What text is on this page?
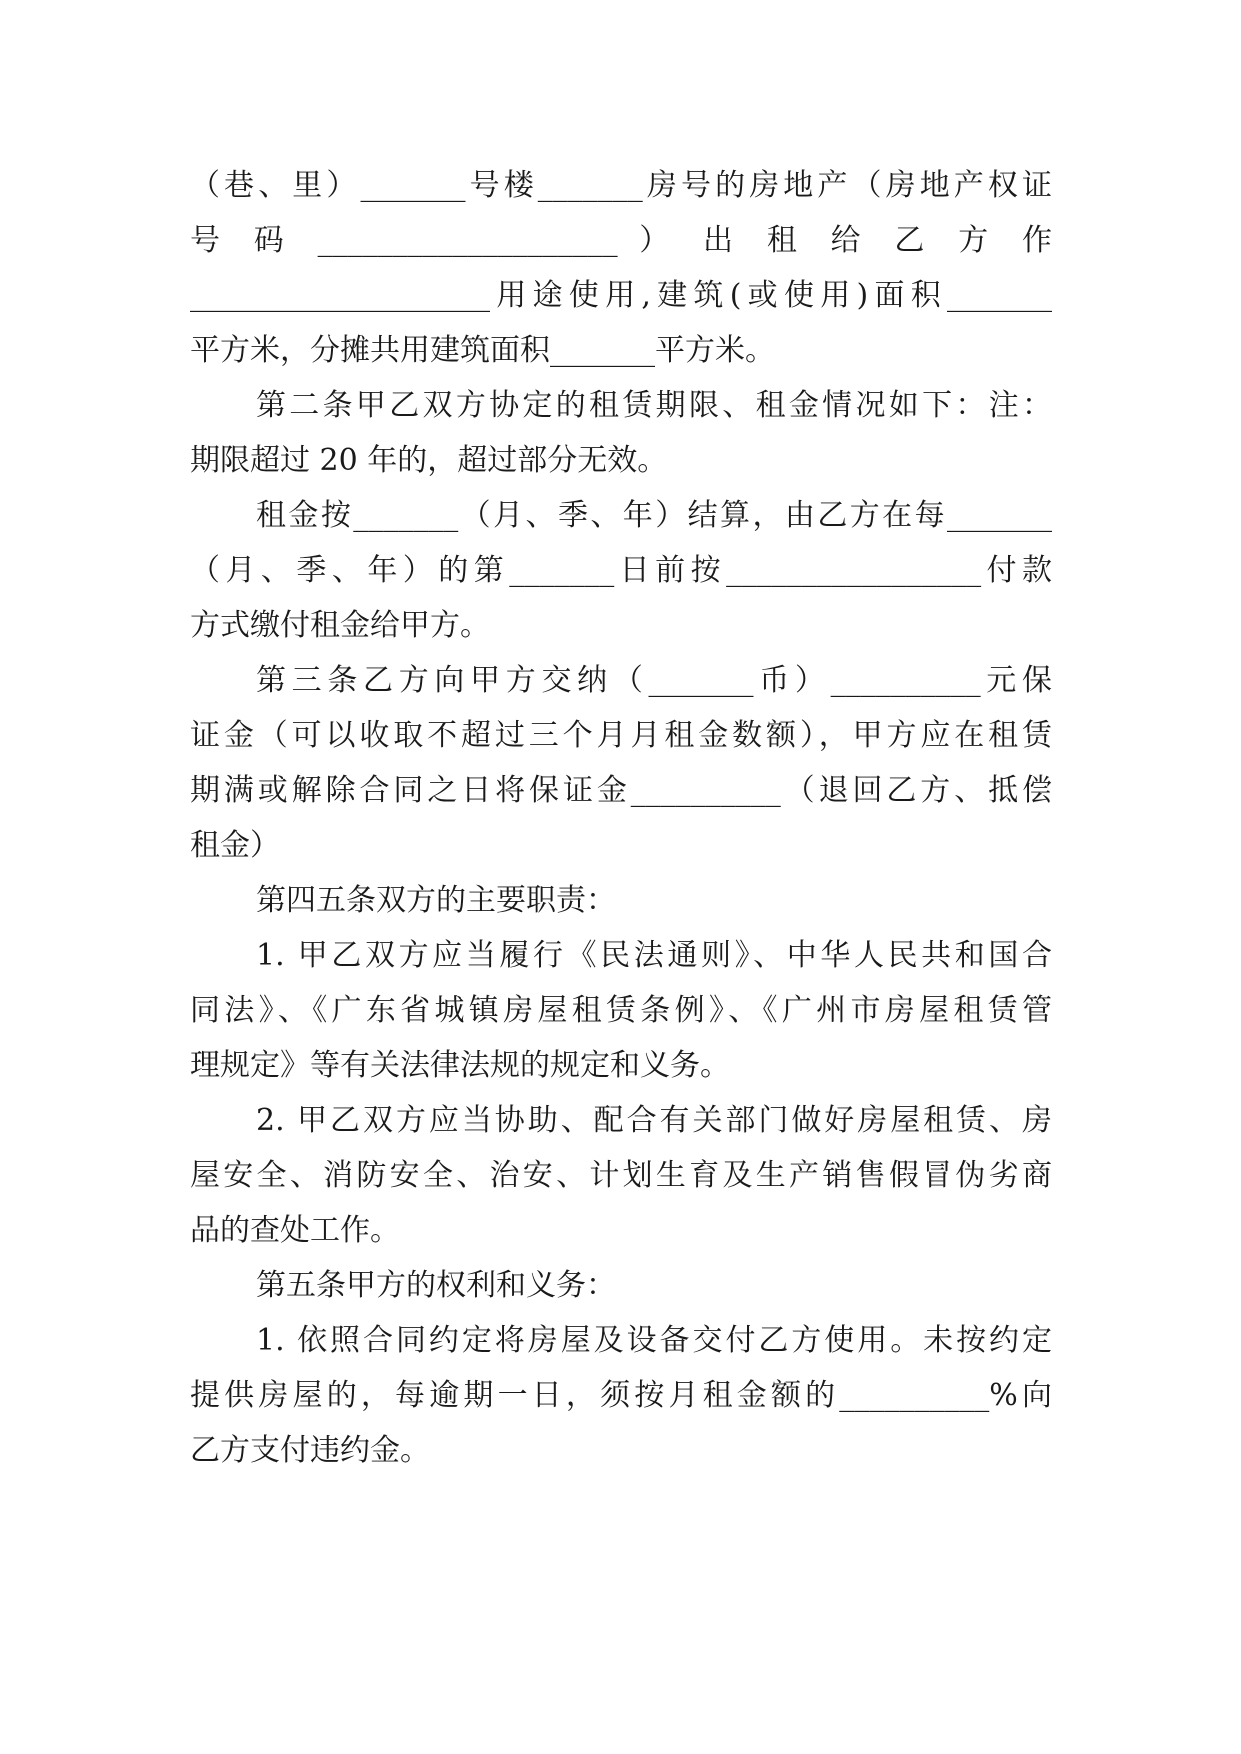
（巷、里）_______号楼_______房号的房地产（房地产权证
号 码 ____________________ ） 出 租 给 乙 方 作
____________________用途使用,建筑(或使用)面积_______
平方米，分摊共用建筑面积_______平方米。
第二条甲乙双方协定的租赁期限、租金情况如下：注：
期限超过 20 年的，超过部分无效。
租金按_______（月、季、年）结算，由乙方在每_______
（月、季、年）的第_______日前按_________________付款
方式缴付租金给甲方。
第三条乙方向甲方交纳（_______币）__________元保
证金（可以收取不超过三个月月租金数额），甲方应在租赁
期满或解除合同之日将保证金__________（退回乙方、抵偿
租金）
第四五条双方的主要职责：
1. 甲乙双方应当履行《民法通则》、中华人民共和国合
同法》、《广东省城镇房屋租赁条例》、《广州市房屋租赁管
理规定》等有关法律法规的规定和义务。
2. 甲乙双方应当协助、配合有关部门做好房屋租赁、房
屋安全、消防安全、治安、计划生育及生产销售假冒伪劣商
品的查处工作。
第五条甲方的权利和义务：
1. 依照合同约定将房屋及设备交付乙方使用。未按约定
提供房屋的，每逾期一日，须按月租金额的__________%向
乙方支付违约金。
